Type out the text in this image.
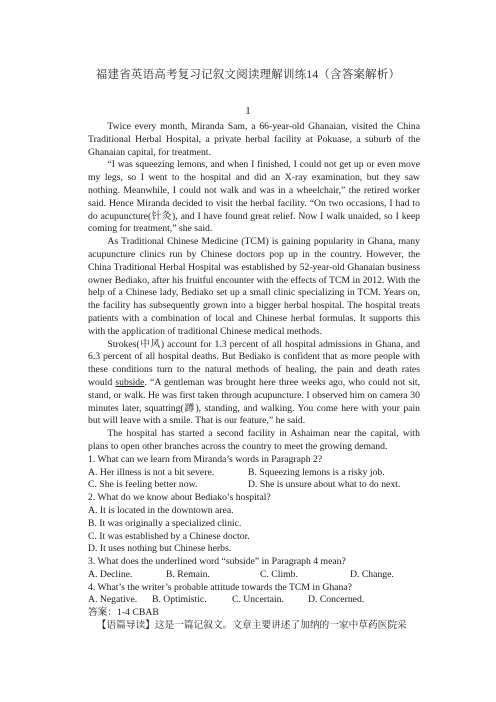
福建省英语高考复习记叙文阅读理解训练14（含答案解析）
1

Twice every month, Miranda Sam, a 66-year-old Ghanaian, visited the China Traditional Herbal Hospital, a private herbal facility at Pokuase, a suburb of the Ghanaian capital, for treatment.

“I was squeezing lemons, and when I finished, I could not get up or even move my legs, so I went to the hospital and did an X-ray examination, but they saw nothing. Meanwhile, I could not walk and was in a wheelchair,” the retired worker said. Hence Miranda decided to visit the herbal facility. “On two occasions, I had to do acupuncture(针灸), and I have found great relief. Now I walk unaided, so I keep coming for treatment,” she said.

As Traditional Chinese Medicine (TCM) is gaining popularity in Ghana, many acupuncture clinics run by Chinese doctors pop up in the country. However, the China Traditional Herbal Hospital was established by 52-year-old Ghanaian business owner Bediako, after his fruitful encounter with the effects of TCM in 2012. With the help of a Chinese lady, Bediako set up a small clinic specializing in TCM. Years on, the facility has subsequently grown into a bigger herbal hospital. The hospital treats patients with a combination of local and Chinese herbal formulas. It supports this with the application of traditional Chinese medical methods.

Strokes(中风) account for 1.3 percent of all hospital admissions in Ghana, and 6.3 percent of all hospital deaths. But Bediako is confident that as more people with these conditions turn to the natural methods of healing, the pain and death rates would subside. “A gentleman was brought here three weeks ago, who could not sit, stand, or walk. He was first taken through acupuncture. I observed him on camera 30 minutes later, squatting(蹲), standing, and walking. You come here with your pain but will leave with a smile. That is our feature,” he said.

The hospital has started a second facility in Ashaiman near the capital, with plans to open other branches across the country to meet the growing demand.

1. What can we learn from Miranda’s words in Paragraph 2?
A. Her illness is not a bit severe.	B. Squeezing lemons is a risky job.
C. She is feeling better now.	D. She is unsure about what to do next.
2. What do we know about Bediako’s hospital?
A. It is located in the downtown area.
B. It was originally a specialized clinic.
C. It was established by a Chinese doctor.
D. It uses nothing but Chinese herbs.
3. What does the underlined word “subside” in Paragraph 4 mean?
A. Decline.	B. Remain.	C. Climb.	D. Change.
4. What’s the writer’s probable attitude towards the TCM in Ghana?
A. Negative.	B. Optimistic.	C. Uncertain.	D. Concerned.
答案：1-4 CBAB
【语篇导读】这是一篇记叙文。文章主要讲述了加纳的一家中草药医院采
